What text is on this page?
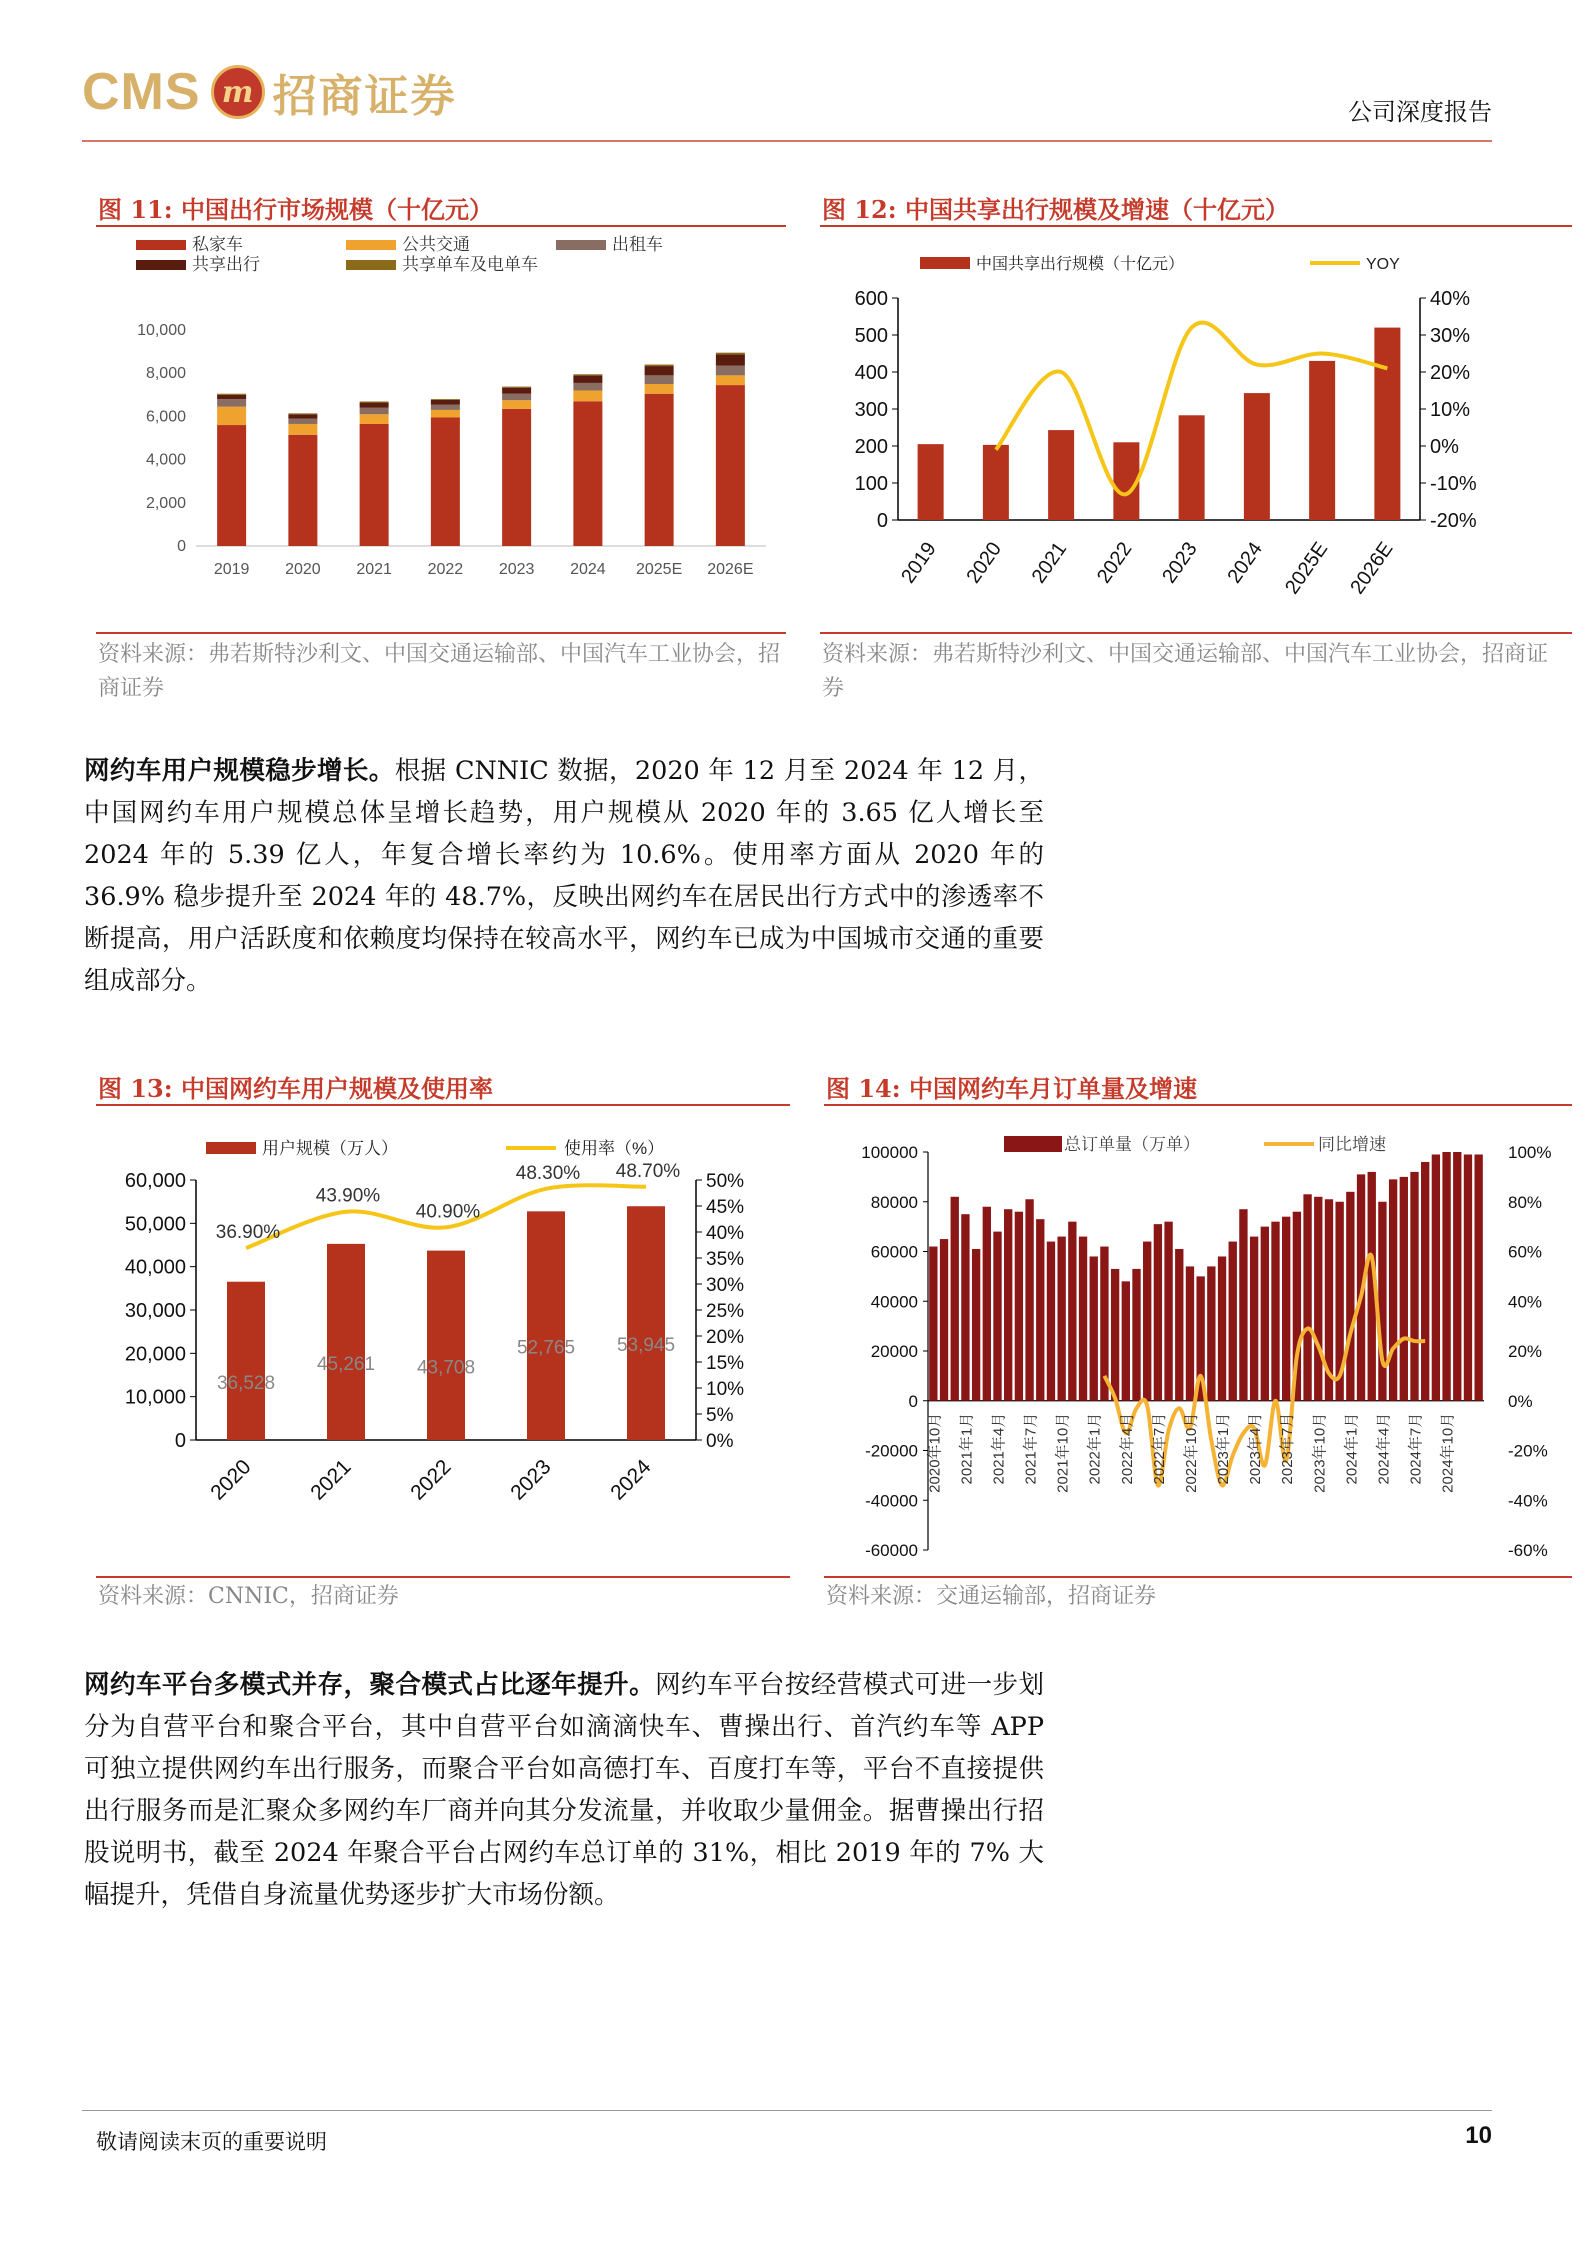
CMS m 招商证券	公司深度报告
图 11: 中国出行市场规模（十亿元）
私家车	公共交通	出租车
共享出行	共享单车及电单车
0
2,000
4,000
6,000
8,000
10,000
2019 2020 2021 2022 2023 2024 2025E 2026E
资料来源：弗若斯特沙利文、中国交通运输部、中国汽车工业协会，招商证券
图 12: 中国共享出行规模及增速（十亿元）
中国共享出行规模（十亿元）	YOY
0
100
200
300
400
500
600
-20%
-10%
0%
10%
20%
30%
40%
2019 2020 2021 2022 2023 2024 2025E 2026E
资料来源：弗若斯特沙利文、中国交通运输部、中国汽车工业协会，招商证券
网约车用户规模稳步增长。根据 CNNIC 数据，2020 年 12 月至 2024 年 12 月，中国网约车用户规模总体呈增长趋势，用户规模从 2020 年的 3.65 亿人增长至 2024 年的 5.39 亿人，年复合增长率约为 10.6%。使用率方面从 2020 年的 36.9% 稳步提升至 2024 年的 48.7%，反映出网约车在居民出行方式中的渗透率不断提高，用户活跃度和依赖度均保持在较高水平，网约车已成为中国城市交通的重要组成部分。
图 13: 中国网约车用户规模及使用率
用户规模（万人）	使用率（%）
0
10,000
20,000
30,000
40,000
50,000
60,000
0%
5%
10%
15%
20%
25%
30%
35%
40%
45%
50%
36,528
2020
45,261
2021
43,708
2022
52,765
2023
53,945
2024
36.90%
43.90%
40.90%
48.30% 48.70%
资料来源：CNNIC，招商证券
图 14: 中国网约车月订单量及增速
总订单量（万单）	同比增速
-60000
-40000
-20000
0
20000
40000
60000
80000
100000
-60%
-40%
-20%
0%
20%
40%
60%
80%
100%
2020年10月 2021年1月 2021年4月 2021年7月 2021年10月 2022年1月 2022年4月 2022年7月 2022年10月 2023年1月 2023年4月 2023年7月 2023年10月 2024年1月 2024年4月 2024年7月 2024年10月
资料来源：交通运输部，招商证券
网约车平台多模式并存，聚合模式占比逐年提升。网约车平台按经营模式可进一步划分为自营平台和聚合平台，其中自营平台如滴滴快车、曹操出行、首汽约车等 APP 可独立提供网约车出行服务，而聚合平台如高德打车、百度打车等，平台不直接提供出行服务而是汇聚众多网约车厂商并向其分发流量，并收取少量佣金。据曹操出行招股说明书，截至 2024 年聚合平台占网约车总订单的 31%，相比 2019 年的 7% 大幅提升，凭借自身流量优势逐步扩大市场份额。
敬请阅读末页的重要说明	10
